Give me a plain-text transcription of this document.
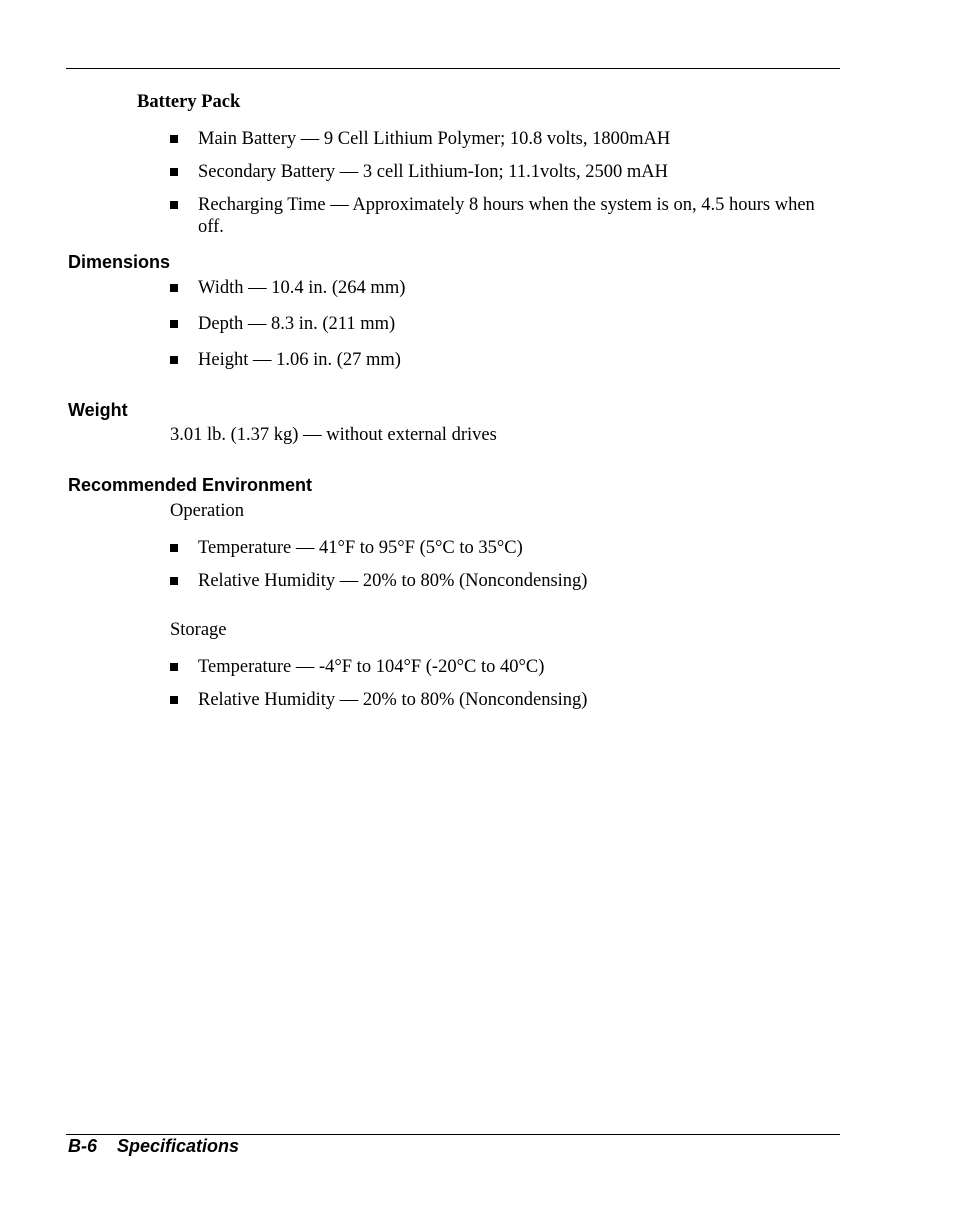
Battery Pack
Main Battery — 9 Cell Lithium Polymer; 10.8 volts, 1800mAH
Secondary Battery — 3 cell Lithium-Ion; 11.1volts, 2500 mAH
Recharging Time — Approximately 8 hours when the system is on, 4.5 hours when off.
Dimensions
Width — 10.4 in. (264 mm)
Depth — 8.3 in. (211 mm)
Height — 1.06 in. (27 mm)
Weight
3.01 lb. (1.37 kg) — without external drives
Recommended Environment
Operation
Temperature — 41°F to 95°F (5°C to 35°C)
Relative Humidity — 20% to 80% (Noncondensing)
Storage
Temperature — -4°F to 104°F (-20°C to 40°C)
Relative Humidity — 20% to 80% (Noncondensing)
B-6 Specifications
